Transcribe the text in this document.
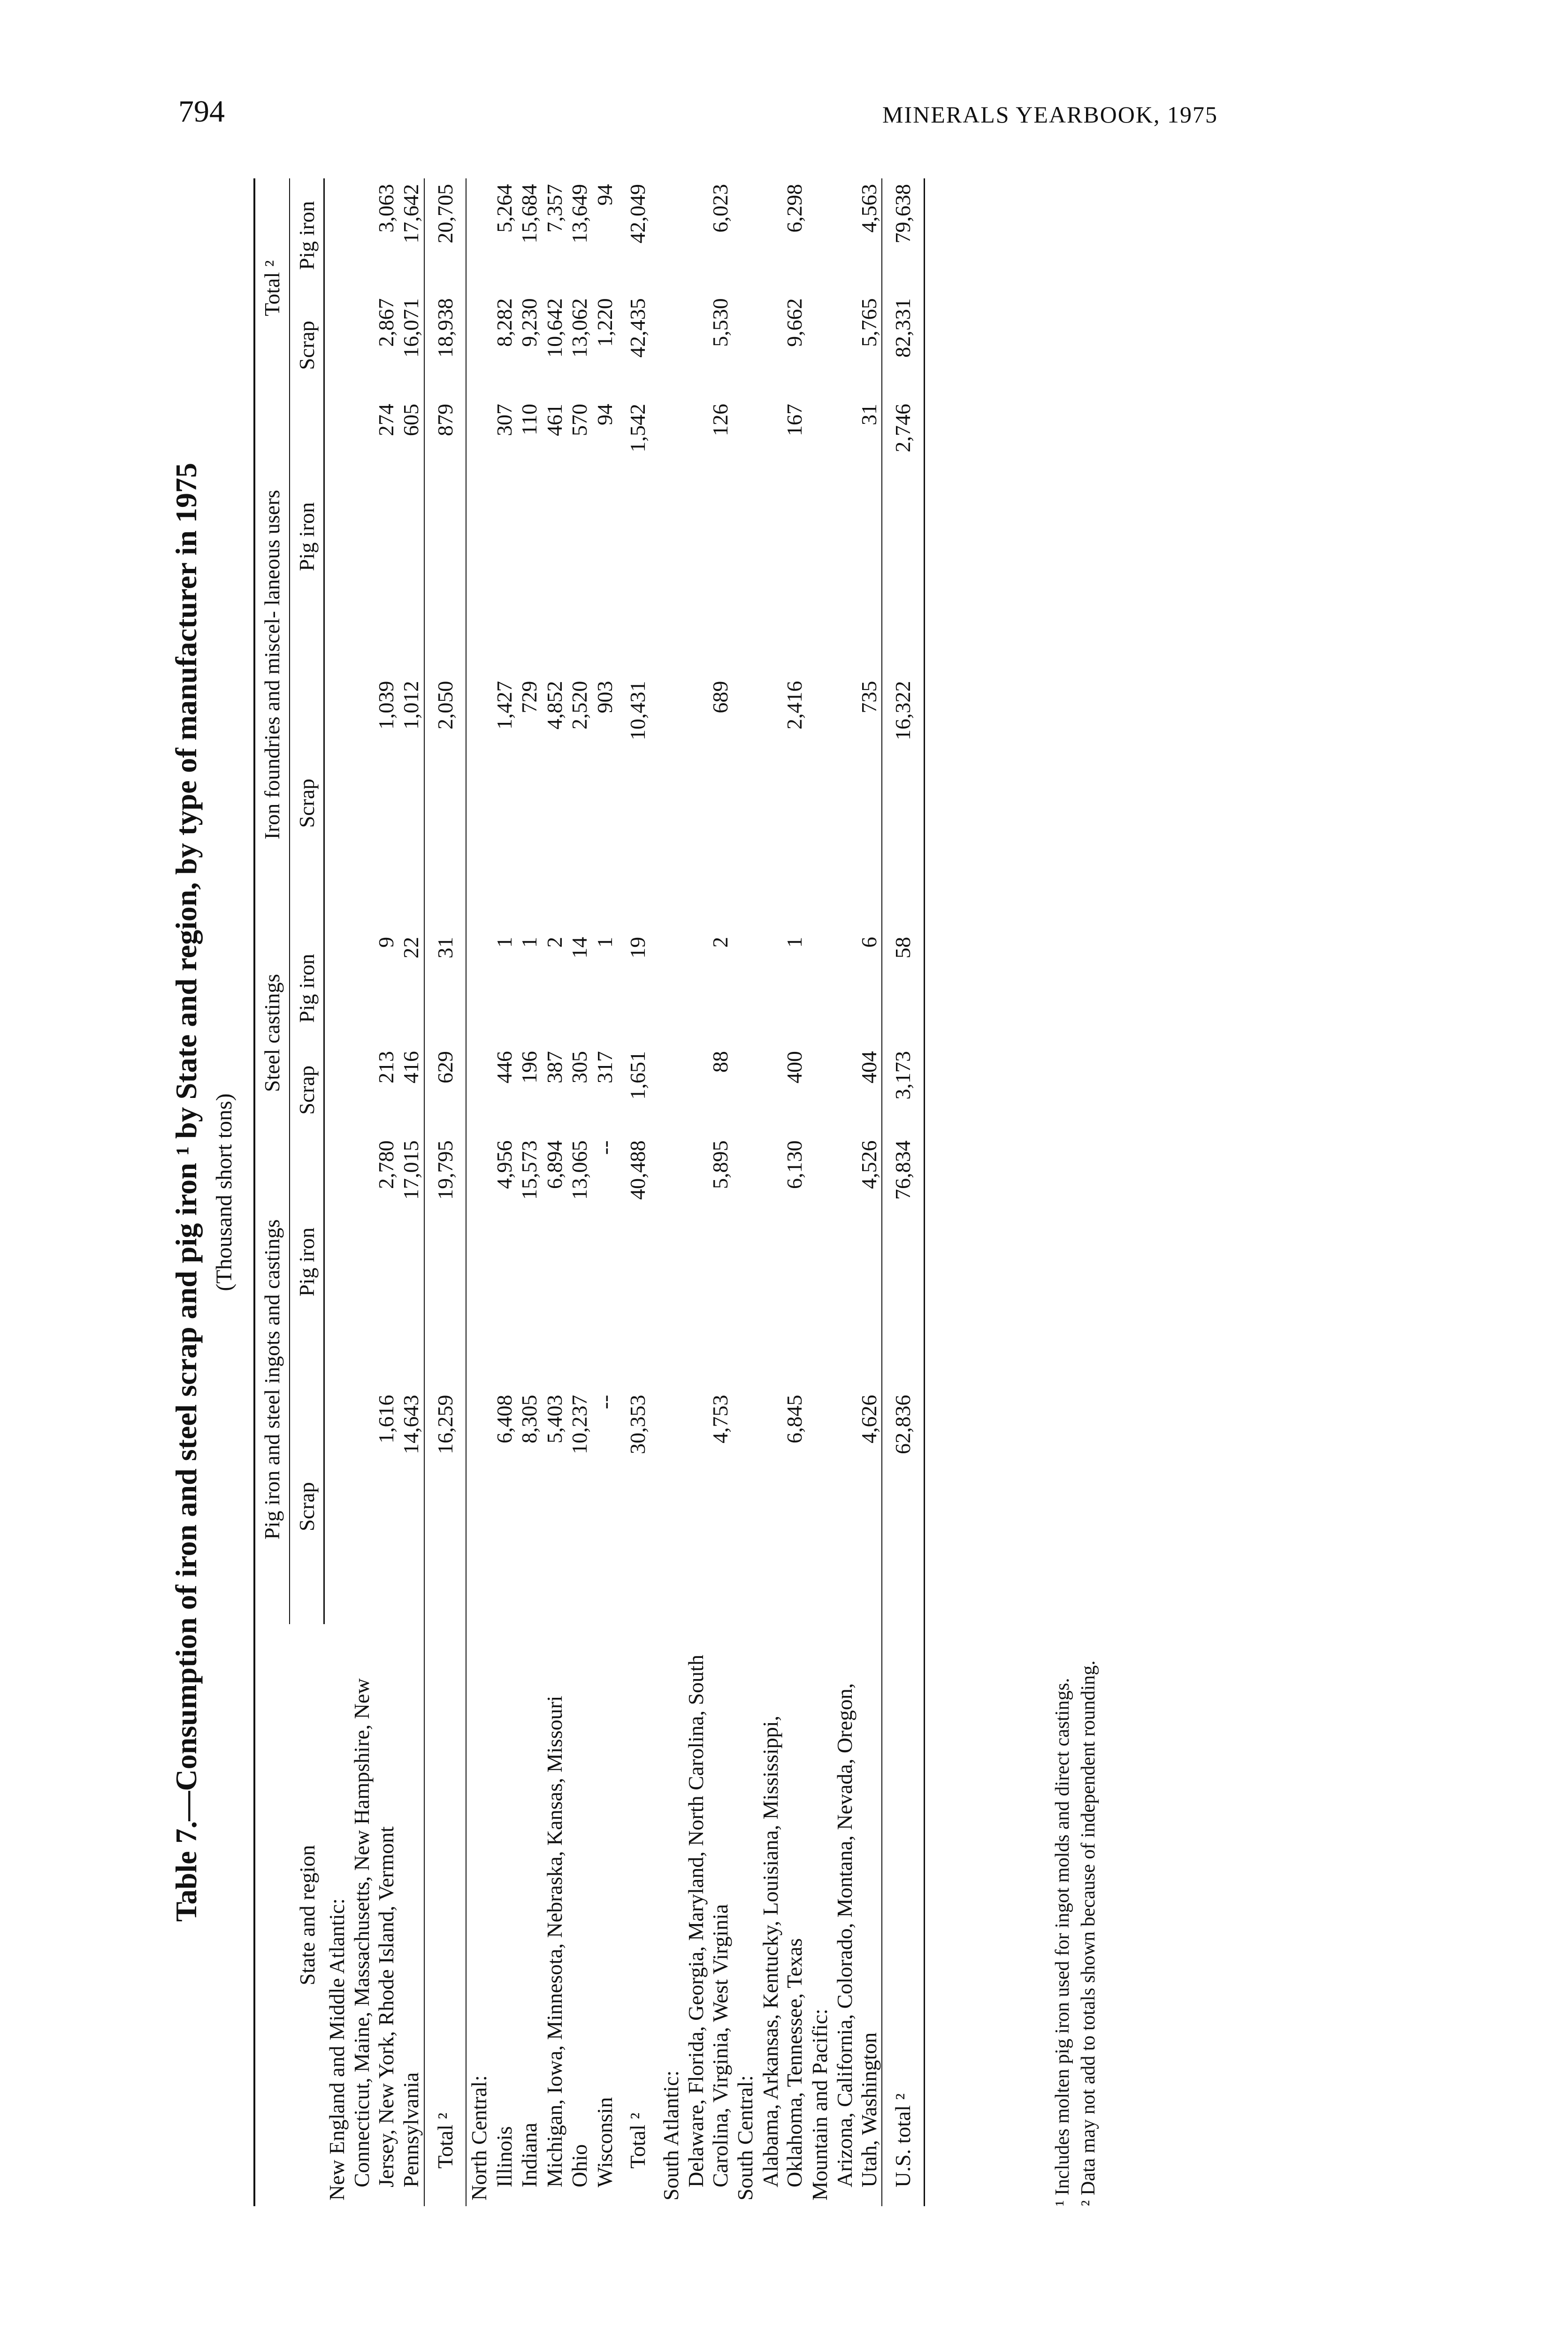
794	MINERALS YEARBOOK, 1975
Table 7.—Consumption of iron and steel scrap and pig iron ¹ by State and region, by type of manufacturer in 1975 (Thousand short tons)
State and region	Pig iron and steel ingots and castings		Steel castings		Iron foundries and miscel- laneous users		Total ²	
	Scrap	Pig iron	Scrap	Pig iron	Scrap	Pig iron	Scrap	Pig iron
New England and Middle Atlantic:								
Connecticut, Maine, Massachusetts, New Hampshire, New Jersey, New York, Rhode Island, Vermont	1,616	2,780	213	9	1,039	274	2,867	3,063
Pennsylvania	14,643	17,015	416	22	1,012	605	16,071	17,642
Total ²	16,259	19,795	629	31	2,050	879	18,938	20,705
North Central:								
Illinois	6,408	4,956	446	1	1,427	307	8,282	5,264
Indiana	8,305	15,573	196	1	729	110	9,230	15,684
Michigan, Iowa, Minnesota, Nebraska, Kansas, Missouri	5,403	6,894	387	2	4,852	461	10,642	7,357
Ohio	10,237	13,065	305	14	2,520	570	13,062	13,649
Wisconsin	--	--	317	1	903	94	1,220	94
Total ²	30,353	40,488	1,651	19	10,431	1,542	42,435	42,049
South Atlantic:								
Delaware, Florida, Georgia, Maryland, North Carolina, South Carolina, Virginia, West Virginia	4,753	5,895	88	2	689	126	5,530	6,023
South Central:								
Alabama, Arkansas, Kentucky, Louisiana, Mississippi, Oklahoma, Tennessee, Texas	6,845	6,130	400	1	2,416	167	9,662	6,298
Mountain and Pacific:								
Arizona, California, Colorado, Montana, Nevada, Oregon, Utah, Washington	4,626	4,526	404	6	735	31	5,765	4,563
U.S. total ²	62,836	76,834	3,173	58	16,322	2,746	82,331	79,638
¹ Includes molten pig iron used for ingot molds and direct castings. ² Data may not add to totals shown because of independent rounding.
